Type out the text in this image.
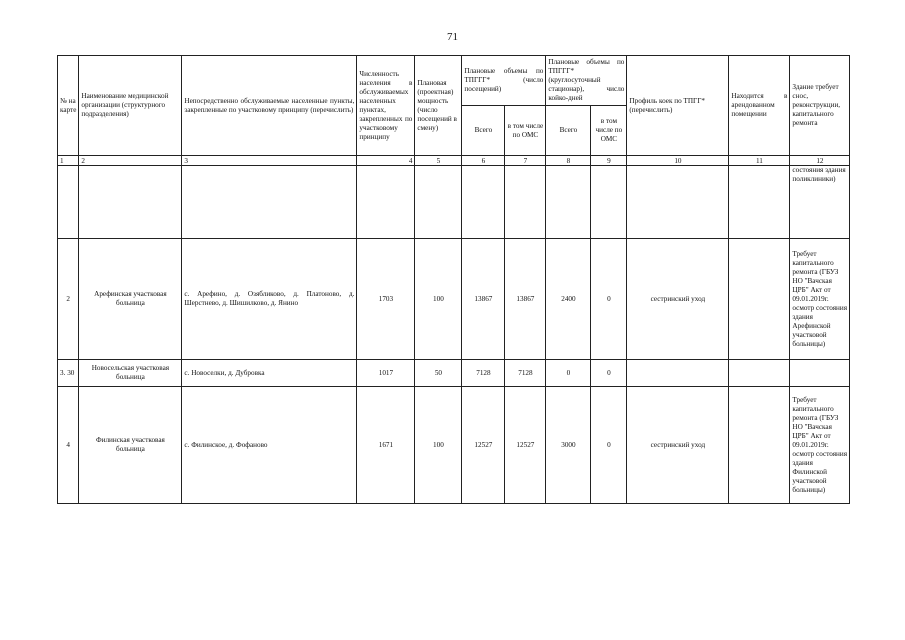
71
№ на карте	Наименование медицинской организации (структурного подразделения)	Непосредственно обслуживаемые населенные пункты, закрепленные по участковому принципу (перечислить)	Численность населения в обслуживаемых населенных пунктах, закрепленных по участковому принципу	Плановая (проектная) мощность (число посещений в смену)	Плановые объемы по ТПГГГ* (число посещений)		Плановые объемы по ТПГГГ* (круглосуточный стационар), число койко-дней		Профиль коек по ТПГГ* (перечислить)	Находится в арендованном помещении	Здание требует снос, реконструкции, капитального ремонта
					Всего	в том числе по ОМС	Всего	в том числе по ОМС			
1	2	3	4	5	6	7	8	9	10	11	12
											состояния здания поликлиники)
2	Арефинская участковая больница	с. Арефино, д. Озябликово, д. Платоново, д. Шерстнево, д. Шишилково, д. Янино	1703	100	13867	13867	2400	0	сестринский уход		Требует капитального ремонта (ГБУЗ НО "Вачская ЦРБ" Акт от 09.01.2019г. осмотр состояния здания Арефинской участковой больницы)
3. 30	Новосельская участковая больница	с. Новоселки, д. Дубровка	1017	50	7128	7128	0	0			
4	Филинская участковая больница	с. Филинское, д. Фофаново	1671	100	12527	12527	3000	0	сестринский уход		Требует капитального ремонта (ГБУЗ НО "Вачская ЦРБ" Акт от 09.01.2019г. осмотр состояния здания Филинской участковой больницы)
